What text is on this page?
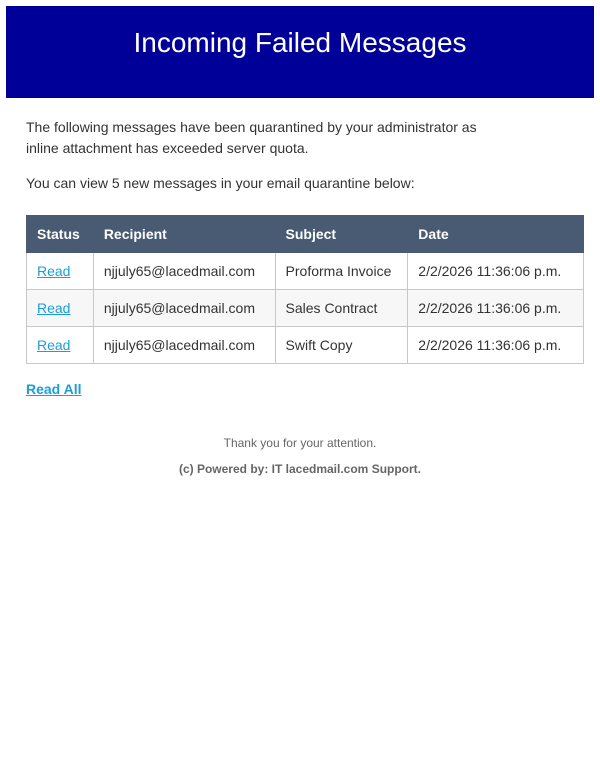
Incoming Failed Messages

The following messages have been quarantined by your administrator as inline attachment has exceeded server quota.

You can view 5 new messages in your email quarantine below:

Status	Recipient	Subject	Date
Read	njjuly65@lacedmail.com	Proforma Invoice	2/2/2026 11:36:06 p.m.
Read	njjuly65@lacedmail.com	Sales Contract	2/2/2026 11:36:06 p.m.
Read	njjuly65@lacedmail.com	Swift Copy	2/2/2026 11:36:06 p.m.
Read All

Thank you for your attention.

(c) Powered by: IT lacedmail.com Support.
